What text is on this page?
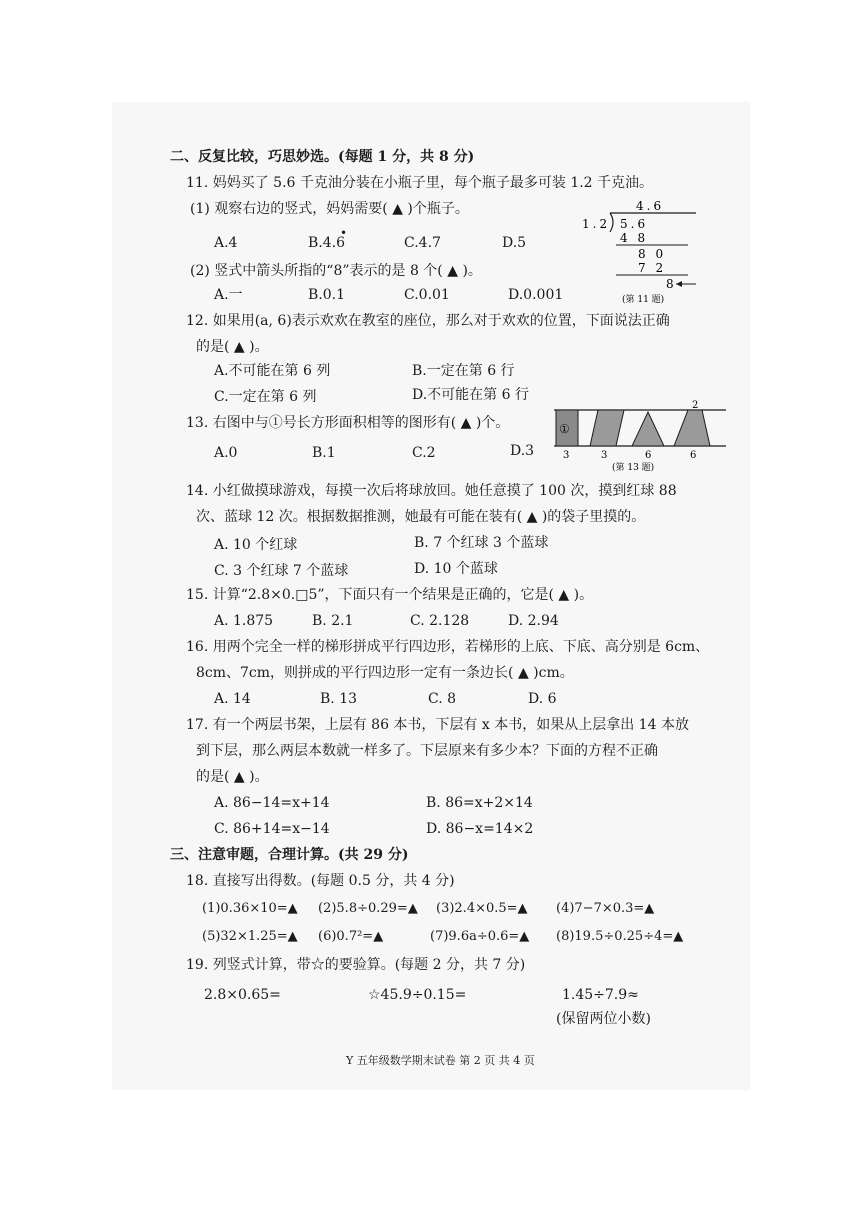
二、反复比较，巧思妙选。(每题 1 分，共 8 分)
11. 妈妈买了 5.6 千克油分装在小瓶子里，每个瓶子最多可装 1.2 千克油。
(1) 观察右边的竖式，妈妈需要( ▲ )个瓶子。
A.4	B.4.6
•
C.4.7	D.5
(2) 竖式中箭头所指的“8”表示的是 8 个( ▲ )。
A.一	B.0.1	C.0.01	D.0.001
4.6
1.2 5.6
4 8
8 0
7 2
8
(第 11 题)
12. 如果用(a, 6)表示欢欢在教室的座位，那么对于欢欢的位置，下面说法正确
的是( ▲ )。
A.不可能在第 6 列	B.一定在第 6 行
C.一定在第 6 列	D.不可能在第 6 行
13. 右图中与①号长方形面积相等的图形有( ▲ )个。
A.0	B.1	C.2	D.3
①
2
3	3	6	6
(第 13 题)
14. 小红做摸球游戏，每摸一次后将球放回。她任意摸了 100 次，摸到红球 88
次、蓝球 12 次。根据数据推测，她最有可能在装有( ▲ )的袋子里摸的。
A. 10 个红球	B. 7 个红球 3 个蓝球
C. 3 个红球 7 个蓝球	D. 10 个蓝球
15. 计算“2.8×0.□5”，下面只有一个结果是正确的，它是( ▲ )。
A. 1.875	B. 2.1	C. 2.128	D. 2.94
16. 用两个完全一样的梯形拼成平行四边形，若梯形的上底、下底、高分别是 6cm、
8cm、7cm，则拼成的平行四边形一定有一条边长( ▲ )cm。
A. 14	B. 13	C. 8	D. 6
17. 有一个两层书架，上层有 86 本书，下层有 x 本书，如果从上层拿出 14 本放
到下层，那么两层本数就一样多了。下层原来有多少本？下面的方程不正确
的是( ▲ )。
A. 86−14=x+14	B. 86=x+2×14
C. 86+14=x−14	D. 86−x=14×2
三、注意审题，合理计算。(共 29 分)
18. 直接写出得数。(每题 0.5 分，共 4 分)
(1)0.36×10=▲ (2)5.8÷0.29=▲ (3)2.4×0.5=▲ (4)7−7×0.3=▲
(5)32×1.25=▲ (6)0.7²=▲	(7)9.6a÷0.6=▲ (8)19.5÷0.25÷4=▲
19. 列竖式计算，带☆的要验算。(每题 2 分，共 7 分)
2.8×0.65=	☆45.9÷0.15=	1.45÷7.9≈
(保留两位小数)
Y 五年级数学期末试卷 第 2 页 共 4 页
